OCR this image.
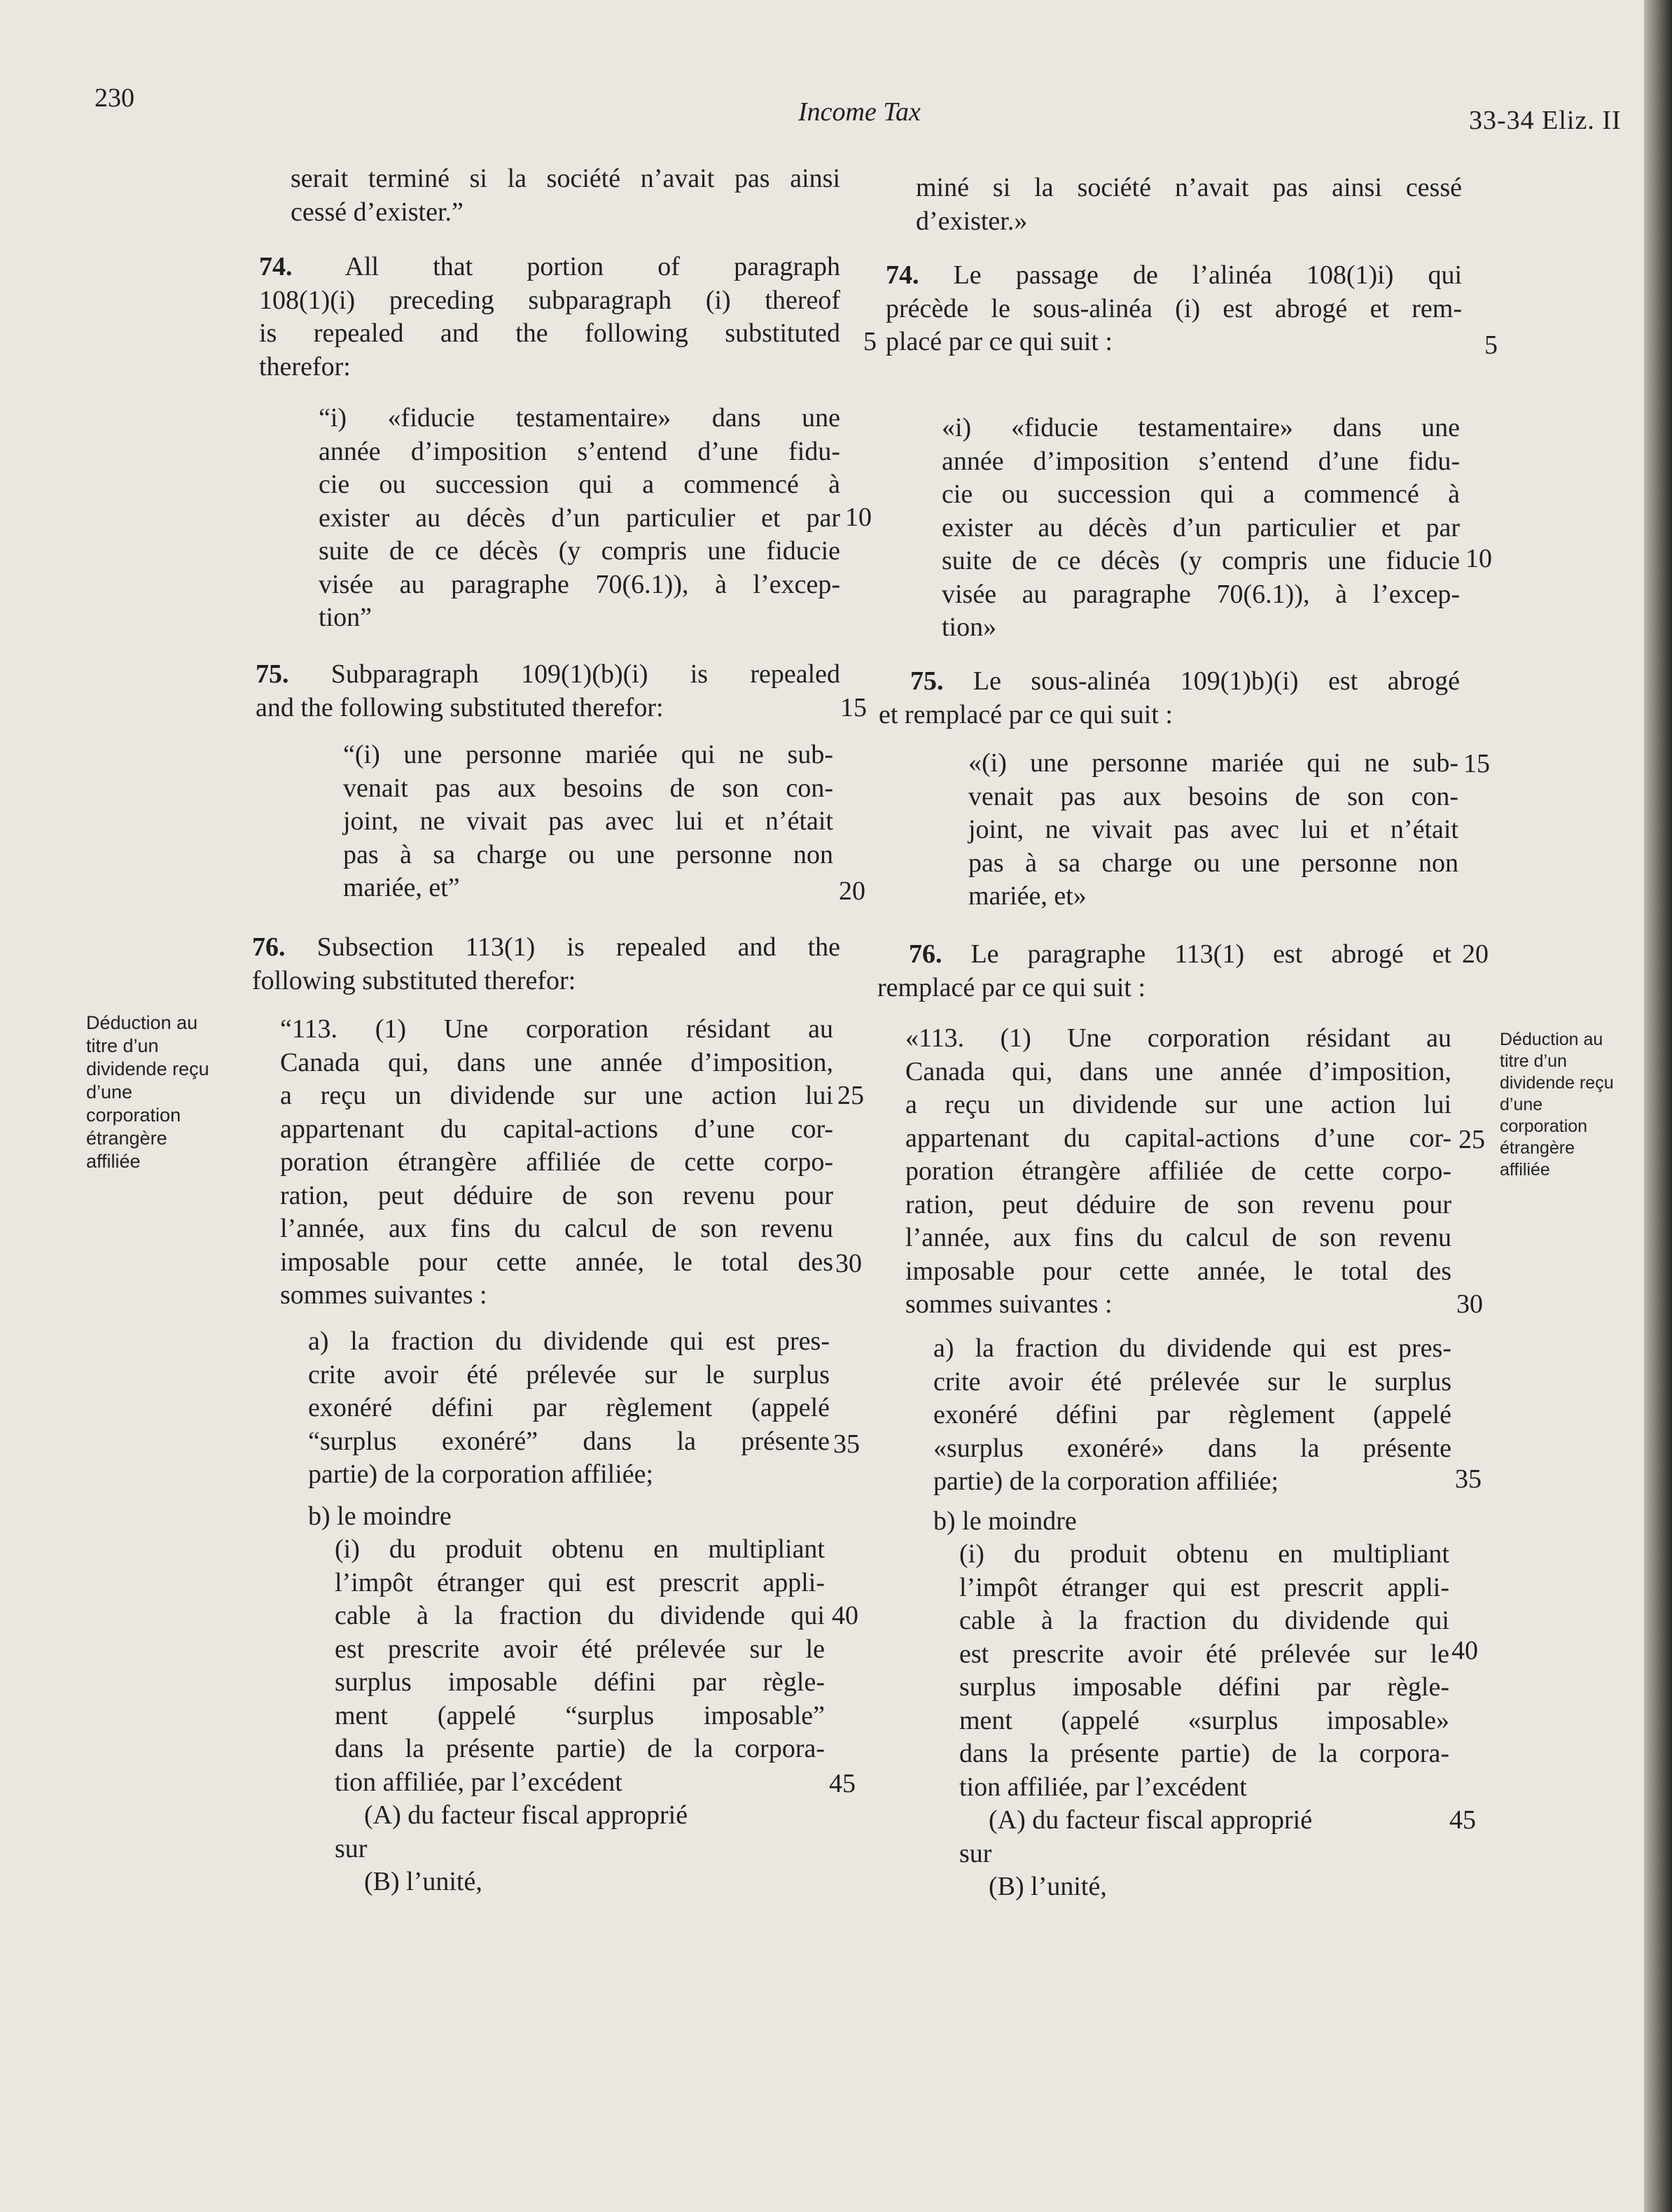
230	Income Tax	33-34 Eliz. II

serait terminé si la société n’avait pas ainsi

cessé d’exister.”

74. All that portion of paragraph

108(1)(i) preceding subparagraph (i) thereof

is repealed and the following substituted

therefor:

“i) «fiducie testamentaire» dans une

année d’imposition s’entend d’une fidu-

cie ou succession qui a commencé à

exister au décès d’un particulier et par

suite de ce décès (y compris une fiducie

visée au paragraphe 70(6.1)), à l’excep-

tion”

75. Subparagraph 109(1)(b)(i) is repealed

and the following substituted therefor:

“(i) une personne mariée qui ne sub-

venait pas aux besoins de son con-

joint, ne vivait pas avec lui et n’était

pas à sa charge ou une personne non

mariée, et”

76. Subsection 113(1) is repealed and the

following substituted therefor:

“113. (1) Une corporation résidant au

Canada qui, dans une année d’imposition,

a reçu un dividende sur une action lui

appartenant du capital-actions d’une cor-

poration étrangère affiliée de cette corpo-

ration, peut déduire de son revenu pour

l’année, aux fins du calcul de son revenu

imposable pour cette année, le total des

sommes suivantes :

a) la fraction du dividende qui est pres-

crite avoir été prélevée sur le surplus

exonéré défini par règlement (appelé

“surplus exonéré” dans la présente

partie) de la corporation affiliée;

b) le moindre

(i) du produit obtenu en multipliant

l’impôt étranger qui est prescrit appli-

cable à la fraction du dividende qui

est prescrite avoir été prélevée sur le

surplus imposable défini par règle-

ment (appelé “surplus imposable”

dans la présente partie) de la corpora-

tion affiliée, par l’excédent

(A) du facteur fiscal approprié

sur

(B) l’unité,

miné si la société n’avait pas ainsi cessé

d’exister.»

74. Le passage de l’alinéa 108(1)i) qui

précède le sous-alinéa (i) est abrogé et rem-

placé par ce qui suit :

«i) «fiducie testamentaire» dans une

année d’imposition s’entend d’une fidu-

cie ou succession qui a commencé à

exister au décès d’un particulier et par

suite de ce décès (y compris une fiducie

visée au paragraphe 70(6.1)), à l’excep-

tion»

75. Le sous-alinéa 109(1)b)(i) est abrogé

et remplacé par ce qui suit :

«(i) une personne mariée qui ne sub-

venait pas aux besoins de son con-

joint, ne vivait pas avec lui et n’était

pas à sa charge ou une personne non

mariée, et»

76. Le paragraphe 113(1) est abrogé et

remplacé par ce qui suit :

«113. (1) Une corporation résidant au

Canada qui, dans une année d’imposition,

a reçu un dividende sur une action lui

appartenant du capital-actions d’une cor-

poration étrangère affiliée de cette corpo-

ration, peut déduire de son revenu pour

l’année, aux fins du calcul de son revenu

imposable pour cette année, le total des

sommes suivantes :

a) la fraction du dividende qui est pres-

crite avoir été prélevée sur le surplus

exonéré défini par règlement (appelé

«surplus exonéré» dans la présente

partie) de la corporation affiliée;

b) le moindre

(i) du produit obtenu en multipliant

l’impôt étranger qui est prescrit appli-

cable à la fraction du dividende qui

est prescrite avoir été prélevée sur le

surplus imposable défini par règle-

ment (appelé «surplus imposable»

dans la présente partie) de la corpora-

tion affiliée, par l’excédent

(A) du facteur fiscal approprié

sur

(B) l’unité,

10
15
20
25
30
35
40
45
5	5
10
15
20
25
30
35
40
45
Déduction au
titre d’un
dividende reçu
d’une
corporation
étrangère
affiliée
Déduction au
titre d’un
dividende reçu
d’une
corporation
étrangère
affiliée
